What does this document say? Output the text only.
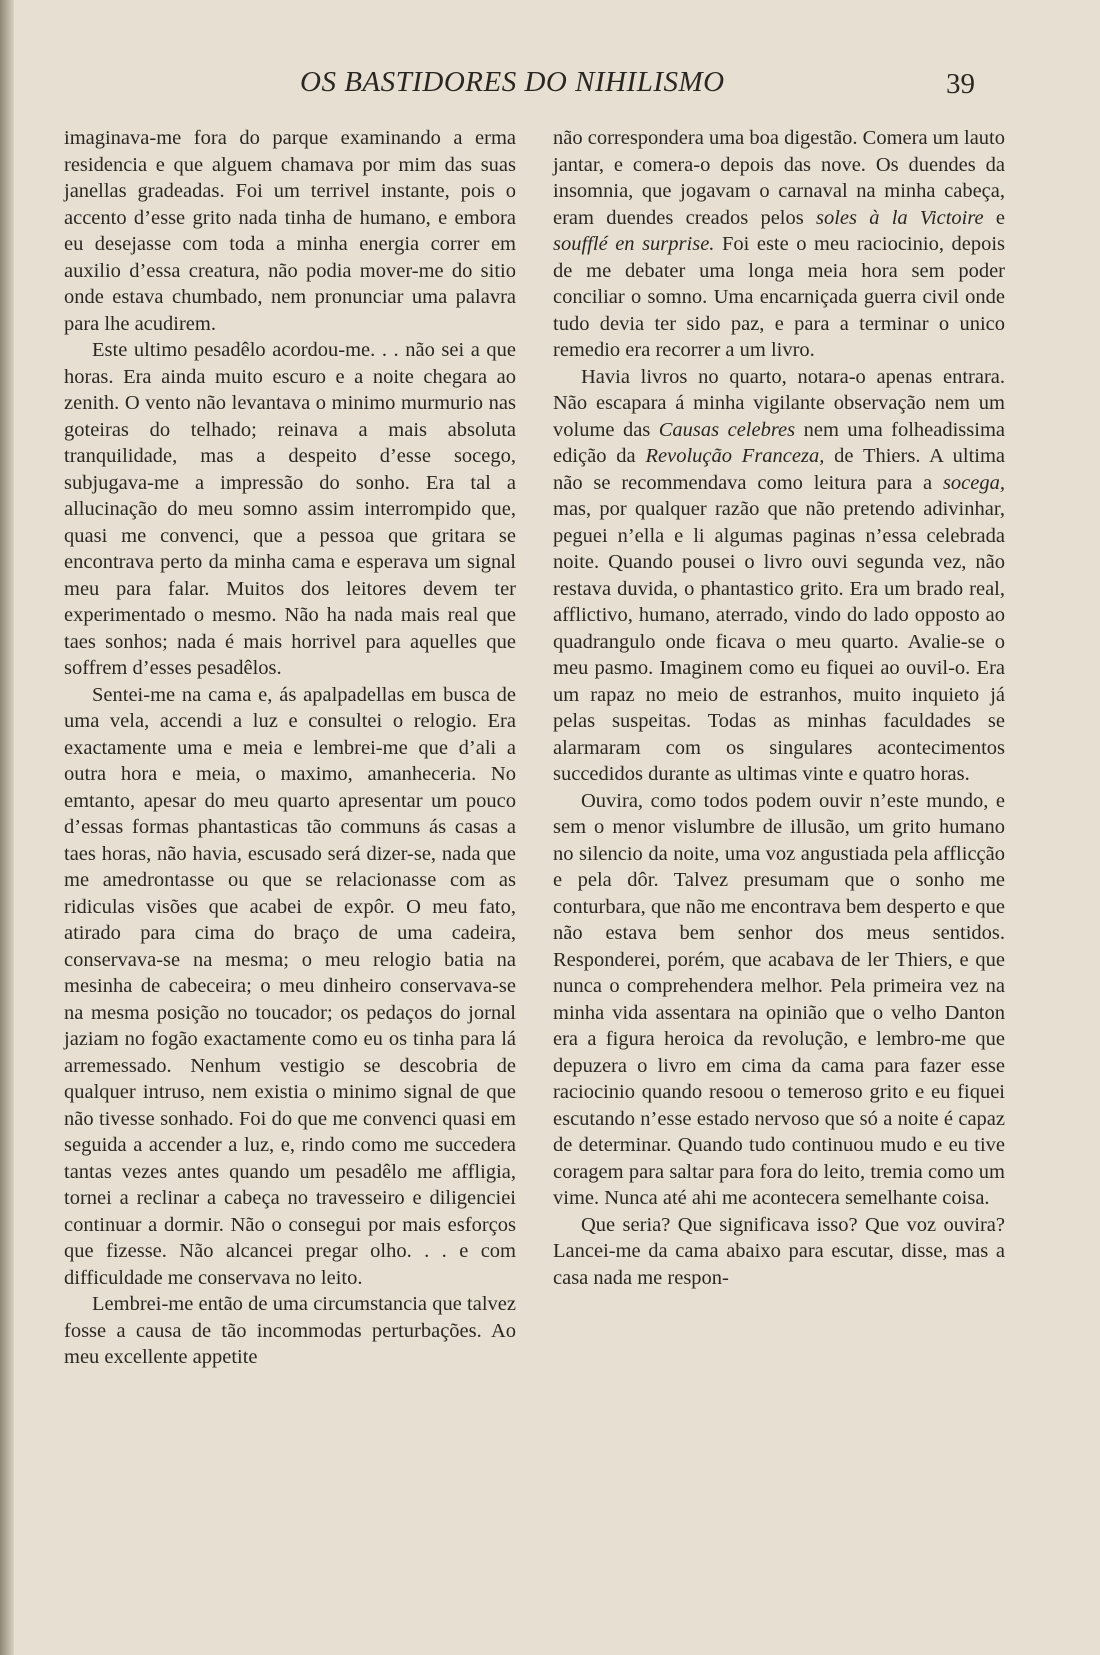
OS BASTIDORES DO NIHILISMO	39

imaginava-me fora do parque examinando a erma residencia e que alguem chamava por mim das suas janellas gradeadas. Foi um terrivel instante, pois o accento d’esse grito nada tinha de humano, e embora eu desejasse com toda a minha energia correr em auxilio d’essa creatura, não podia mover-me do sitio onde estava chumbado, nem pronunciar uma palavra para lhe acudirem.

Este ultimo pesadêlo acordou-me. . . não sei a que horas. Era ainda muito escuro e a noite chegara ao zenith. O vento não levantava o minimo murmurio nas goteiras do telhado; reinava a mais absoluta tranquilidade, mas a despeito d’esse socego, subjugava-me a impressão do sonho. Era tal a allucinação do meu somno assim interrompido que, quasi me convenci, que a pessoa que gritara se encontrava perto da minha cama e esperava um signal meu para falar. Muitos dos leitores devem ter experimentado o mesmo. Não ha nada mais real que taes sonhos; nada é mais horrivel para aquelles que soffrem d’esses pesadêlos.

Sentei-me na cama e, ás apalpadellas em busca de uma vela, accendi a luz e consultei o relogio. Era exactamente uma e meia e lembrei-me que d’ali a outra hora e meia, o maximo, amanheceria. No emtanto, apesar do meu quarto apresentar um pouco d’essas formas phantasticas tão communs ás casas a taes horas, não havia, escusado será dizer-se, nada que me amedrontasse ou que se relacionasse com as ridiculas visões que acabei de expôr. O meu fato, atirado para cima do braço de uma cadeira, conservava-se na mesma; o meu relogio batia na mesinha de cabeceira; o meu dinheiro conservava-se na mesma posição no toucador; os pedaços do jornal jaziam no fogão exactamente como eu os tinha para lá arremessado. Nenhum vestigio se descobria de qualquer intruso, nem existia o minimo signal de que não tivesse sonhado. Foi do que me convenci quasi em seguida a accender a luz, e, rindo como me succedera tantas vezes antes quando um pesadêlo me affligia, tornei a reclinar a cabeça no travesseiro e diligenciei continuar a dormir. Não o consegui por mais esforços que fizesse. Não alcancei pregar olho. . . e com difficuldade me conservava no leito.

Lembrei-me então de uma circumstancia que talvez fosse a causa de tão incommodas perturbações. Ao meu excellente appetite

não correspondera uma boa digestão. Comera um lauto jantar, e comera-o depois das nove. Os duendes da insomnia, que jogavam o carnaval na minha cabeça, eram duendes creados pelos soles à la Victoire e soufflé en surprise. Foi este o meu raciocinio, depois de me debater uma longa meia hora sem poder conciliar o somno. Uma encarniçada guerra civil onde tudo devia ter sido paz, e para a terminar o unico remedio era recorrer a um livro.

Havia livros no quarto, notara-o apenas entrara. Não escapara á minha vigilante observação nem um volume das Causas celebres nem uma folheadissima edição da Revolução Franceza, de Thiers. A ultima não se recommendava como leitura para a socega, mas, por qualquer razão que não pretendo adivinhar, peguei n’ella e li algumas paginas n’essa celebrada noite. Quando pousei o livro ouvi segunda vez, não restava duvida, o phantastico grito. Era um brado real, afflictivo, humano, aterrado, vindo do lado opposto ao quadrangulo onde ficava o meu quarto. Avalie-se o meu pasmo. Imaginem como eu fiquei ao ouvil-o. Era um rapaz no meio de estranhos, muito inquieto já pelas suspeitas. Todas as minhas faculdades se alarmaram com os singulares acontecimentos succedidos durante as ultimas vinte e quatro horas.

Ouvira, como todos podem ouvir n’este mundo, e sem o menor vislumbre de illusão, um grito humano no silencio da noite, uma voz angustiada pela afflicção e pela dôr. Talvez presumam que o sonho me conturbara, que não me encontrava bem desperto e que não estava bem senhor dos meus sentidos. Responderei, porém, que acabava de ler Thiers, e que nunca o comprehendera melhor. Pela primeira vez na minha vida assentara na opinião que o velho Danton era a figura heroica da revolução, e lembro-me que depuzera o livro em cima da cama para fazer esse raciocinio quando resoou o temeroso grito e eu fiquei escutando n’esse estado nervoso que só a noite é capaz de determinar. Quando tudo continuou mudo e eu tive coragem para saltar para fora do leito, tremia como um vime. Nunca até ahi me acontecera semelhante coisa.

Que seria? Que significava isso? Que voz ouvira? Lancei-me da cama abaixo para escutar, disse, mas a casa nada me respon-
